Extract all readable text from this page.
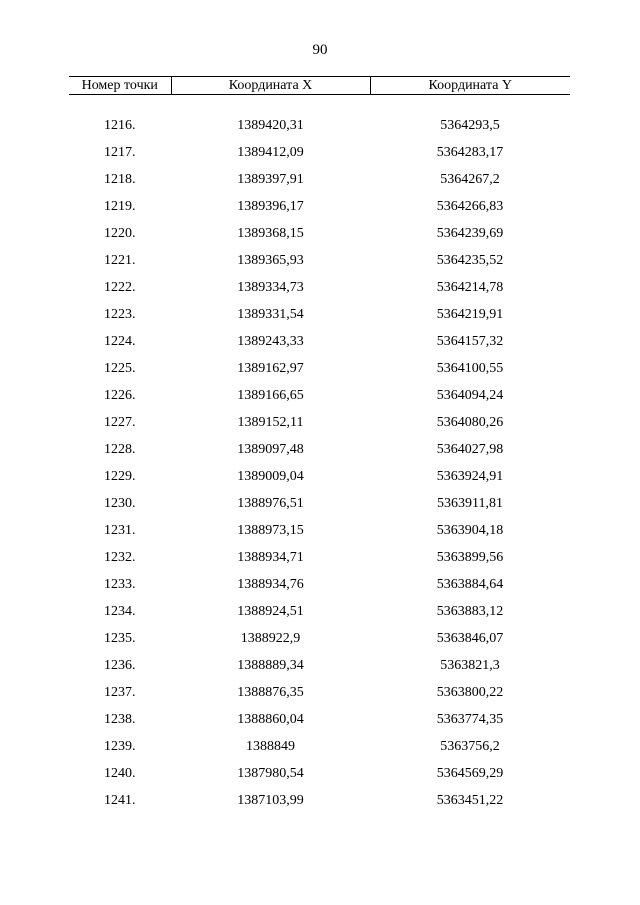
90
Номер точки	Координата X	Координата Y

1216.	1389420,31	5364293,5
1217.	1389412,09	5364283,17
1218.	1389397,91	5364267,2
1219.	1389396,17	5364266,83
1220.	1389368,15	5364239,69
1221.	1389365,93	5364235,52
1222.	1389334,73	5364214,78
1223.	1389331,54	5364219,91
1224.	1389243,33	5364157,32
1225.	1389162,97	5364100,55
1226.	1389166,65	5364094,24
1227.	1389152,11	5364080,26
1228.	1389097,48	5364027,98
1229.	1389009,04	5363924,91
1230.	1388976,51	5363911,81
1231.	1388973,15	5363904,18
1232.	1388934,71	5363899,56
1233.	1388934,76	5363884,64
1234.	1388924,51	5363883,12
1235.	1388922,9	5363846,07
1236.	1388889,34	5363821,3
1237.	1388876,35	5363800,22
1238.	1388860,04	5363774,35
1239.	1388849	5363756,2
1240.	1387980,54	5364569,29
1241.	1387103,99	5363451,22
